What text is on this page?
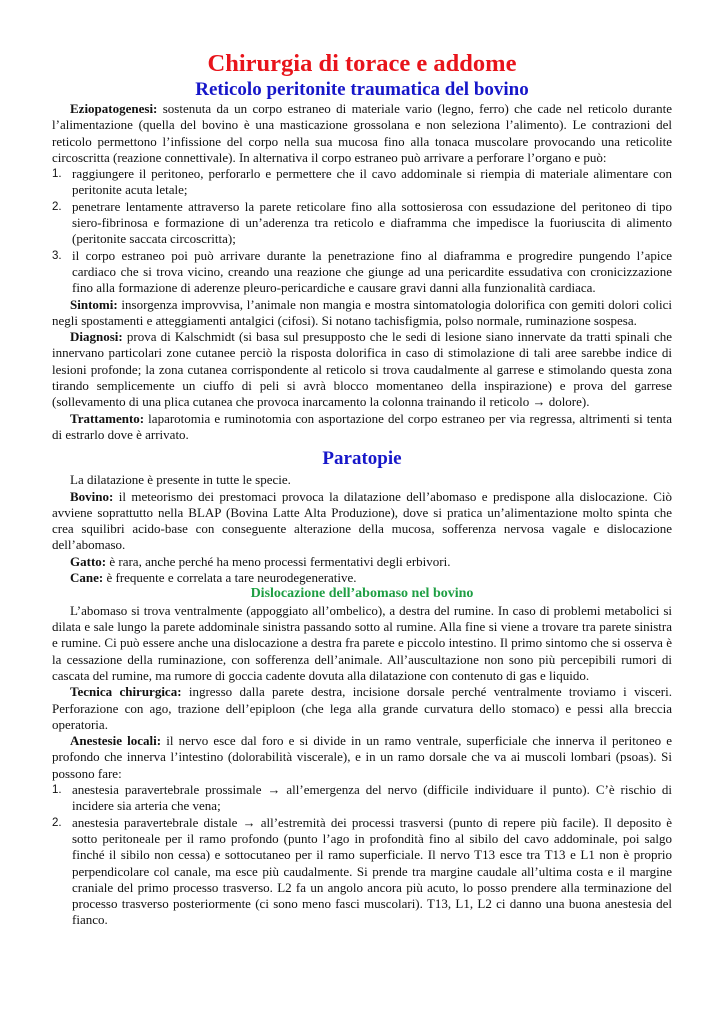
Chirurgia di torace e addome
Reticolo peritonite traumatica del bovino

Eziopatogenesi: sostenuta da un corpo estraneo di materiale vario (legno, ferro) che cade nel reticolo durante l’alimentazione (quella del bovino è una masticazione grossolana e non seleziona l’alimento). Le contrazioni del reticolo permettono l’infissione del corpo nella sua mucosa fino alla tonaca muscolare provocando una reticolite circoscritta (reazione connettivale). In alternativa il corpo estraneo può arrivare a perforare l’organo e può:

1. raggiungere il peritoneo, perforarlo e permettere che il cavo addominale si riempia di materiale alimentare con peritonite acuta letale;
2. penetrare lentamente attraverso la parete reticolare fino alla sottosierosa con essudazione del peritoneo di tipo siero-fibrinosa e formazione di un’aderenza tra reticolo e diaframma che impedisce la fuoriuscita di alimento (peritonite saccata circoscritta);
3. il corpo estraneo poi può arrivare durante la penetrazione fino al diaframma e progredire pungendo l’apice cardiaco che si trova vicino, creando una reazione che giunge ad una pericardite essudativa con cronicizzazione fino alla formazione di aderenze pleuro-pericardiche e causare gravi danni alla funzionalità cardiaca.

Sintomi: insorgenza improvvisa, l’animale non mangia e mostra sintomatologia dolorifica con gemiti dolori colici negli spostamenti e atteggiamenti antalgici (cifosi). Si notano tachisfigmia, polso normale, ruminazione sospesa.

Diagnosi: prova di Kalschmidt (si basa sul presupposto che le sedi di lesione siano innervate da tratti spinali che innervano particolari zone cutanee perciò la risposta dolorifica in caso di stimolazione di tali aree sarebbe indice di lesioni profonde; la zona cutanea corrispondente al reticolo si trova caudalmente al garrese e stimolando questa zona tirando semplicemente un ciuffo di peli si avrà blocco momentaneo della inspirazione) e prova del garrese (sollevamento di una plica cutanea che provoca inarcamento la colonna trainando il reticolo → dolore).

Trattamento: laparotomia e ruminotomia con asportazione del corpo estraneo per via regressa, altrimenti si tenta di estrarlo dove è arrivato.

Paratopie

La dilatazione è presente in tutte le specie.

Bovino: il meteorismo dei prestomaci provoca la dilatazione dell’abomaso e predispone alla dislocazione. Ciò avviene soprattutto nella BLAP (Bovina Latte Alta Produzione), dove si pratica un’alimentazione molto spinta che crea squilibri acido-base con conseguente alterazione della mucosa, sofferenza nervosa vagale e dislocazione dell’abomaso.

Gatto: è rara, anche perché ha meno processi fermentativi degli erbivori.

Cane: è frequente e correlata a tare neurodegenerative.

Dislocazione dell’abomaso nel bovino

L’abomaso si trova ventralmente (appoggiato all’ombelico), a destra del rumine. In caso di problemi metabolici si dilata e sale lungo la parete addominale sinistra passando sotto al rumine. Alla fine si viene a trovare tra parete sinistra e rumine. Ci può essere anche una dislocazione a destra fra parete e piccolo intestino. Il primo sintomo che si osserva è la cessazione della ruminazione, con sofferenza dell’animale. All’auscultazione non sono più percepibili rumori di cascata del rumine, ma rumore di goccia cadente dovuta alla dilatazione con contenuto di gas e liquido.

Tecnica chirurgica: ingresso dalla parete destra, incisione dorsale perché ventralmente troviamo i visceri. Perforazione con ago, trazione dell’epiploon (che lega alla grande curvatura dello stomaco) e pessi alla breccia operatoria.

Anestesie locali: il nervo esce dal foro e si divide in un ramo ventrale, superficiale che innerva il peritoneo e profondo che innerva l’intestino (dolorabilità viscerale), e in un ramo dorsale che va ai muscoli lombari (psoas). Si possono fare:

1. anestesia paravertebrale prossimale → all’emergenza del nervo (difficile individuare il punto). C’è rischio di incidere sia arteria che vena;
2. anestesia paravertebrale distale → all’estremità dei processi trasversi (punto di repere più facile). Il deposito è sotto peritoneale per il ramo profondo (punto l’ago in profondità fino al sibilo del cavo addominale, poi salgo finché il sibilo non cessa) e sottocutaneo per il ramo superficiale. Il nervo T13 esce tra T13 e L1 non è proprio perpendicolare col canale, ma esce più caudalmente. Si prende tra margine caudale all’ultima costa e il margine craniale del primo processo trasverso. L2 fa un angolo ancora più acuto, lo posso prendere alla terminazione del processo trasverso posteriormente (ci sono meno fasci muscolari). T13, L1, L2 ci danno una buona anestesia del fianco.
